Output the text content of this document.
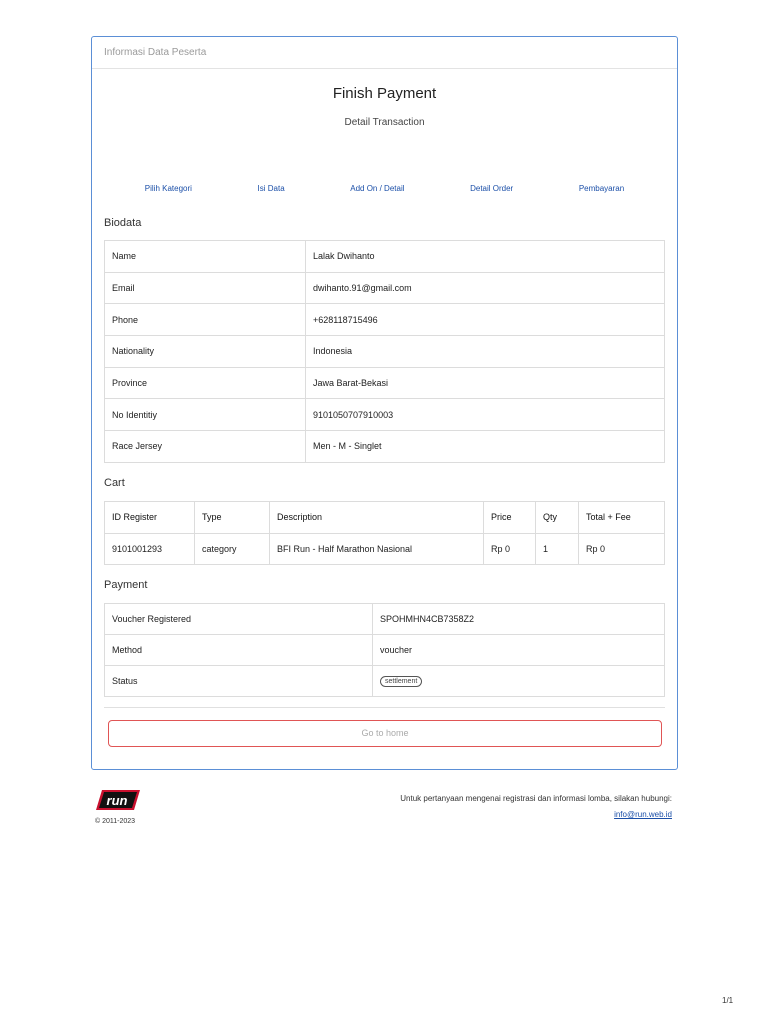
Informasi Data Peserta
Finish Payment
Detail Transaction
Pilih Kategori	Isi Data	Add On / Detail	Detail Order	Pembayaran
Biodata
Name	Lalak Dwihanto
Email	dwihanto.91@gmail.com
Phone	+628118715496
Nationality	Indonesia
Province	Jawa Barat-Bekasi
No Identitiy	9101050707910003
Race Jersey	Men - M - Singlet
Cart
ID Register	Type	Description	Price	Qty	Total + Fee
9101001293	category	BFI Run - Half Marathon Nasional	Rp 0	1	Rp 0
Payment
Voucher Registered	SPOHMHN4CB7358Z2
Method	voucher
Status	settlement
Go to home
run
© 2011-2023
Untuk pertanyaan mengenai registrasi dan informasi lomba, silakan hubungi:
info@run.web.id
1/1
